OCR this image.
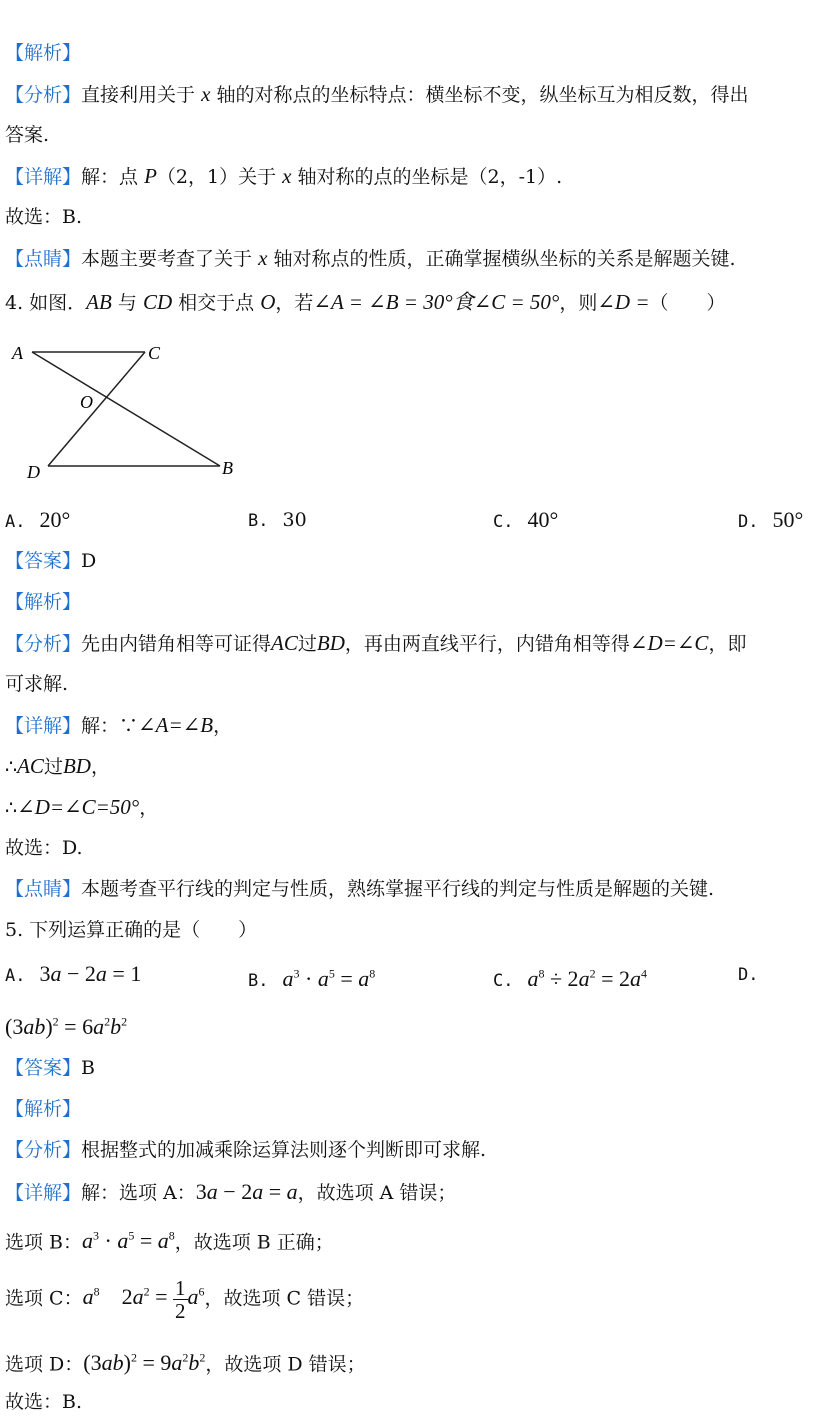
【解析】
【分析】直接利用关于 x 轴的对称点的坐标特点：横坐标不变，纵坐标互为相反数，得出
答案.
【详解】解：点 P（2，1）关于 x 轴对称的点的坐标是（2，-1）.
故选：B.
【点睛】本题主要考查了关于 x 轴对称点的性质，正确掌握横纵坐标的关系是解题关键.
4. 如图．AB 与 CD 相交于点 O，若∠A = ∠B = 30°食∠C = 50°，则∠D =（　　）
A	C
O
D	B
A. 20°	B. 30	C. 40°	D. 50°
【答案】D
【解析】
【分析】先由内错角相等可证得AC过BD，再由两直线平行，内错角相等得∠D=∠C，即
可求解.
【详解】解：∵∠A=∠B，
∴AC过BD，
∴∠D=∠C=50°，
故选：D.
【点睛】本题考查平行线的判定与性质，熟练掌握平行线的判定与性质是解题的关键.
5. 下列运算正确的是（　　）
A. 3a − 2a = 1	B. $a^3 \cdot a^5 = a^8$	C. $a^8 \div 2a^2 = 2a^4$	D.
$(3ab)^2 = 6a^2b^2$
【答案】B
【解析】
【分析】根据整式的加减乘除运算法则逐个判断即可求解.
【详解】解：选项 A：3a − 2a = a，故选项 A 错误；
选项 B：$a^3 \cdot a^5 = a^8$，故选项 B 正确；
选项 C：$a^8$    $2a^2 = \frac{1}{2} a^6$，故选项 C 错误；
选项 D：$(3ab)^2 = 9a^2b^2$，故选项 D 错误；
故选：B.
